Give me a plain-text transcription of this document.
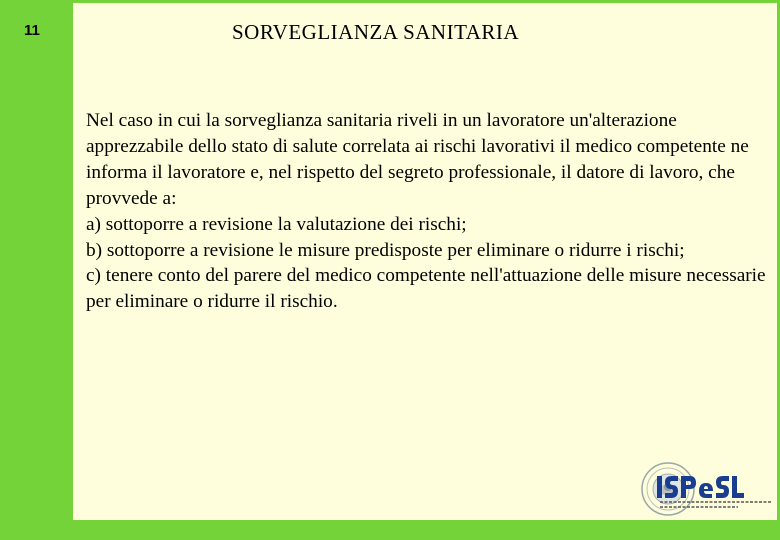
11	SORVEGLIANZA SANITARIA

Nel caso in cui la sorveglianza sanitaria riveli in un lavoratore un'alterazione apprezzabile dello stato di salute correlata ai rischi lavorativi il medico competente ne informa il lavoratore e, nel rispetto del segreto professionale, il datore di lavoro, che provvede a:

a) sottoporre a revisione la valutazione dei rischi;

b) sottoporre a revisione le misure predisposte per eliminare o ridurre i rischi;

c) tenere conto del parere del medico competente nell'attuazione delle misure necessarie per eliminare o ridurre il rischio.
